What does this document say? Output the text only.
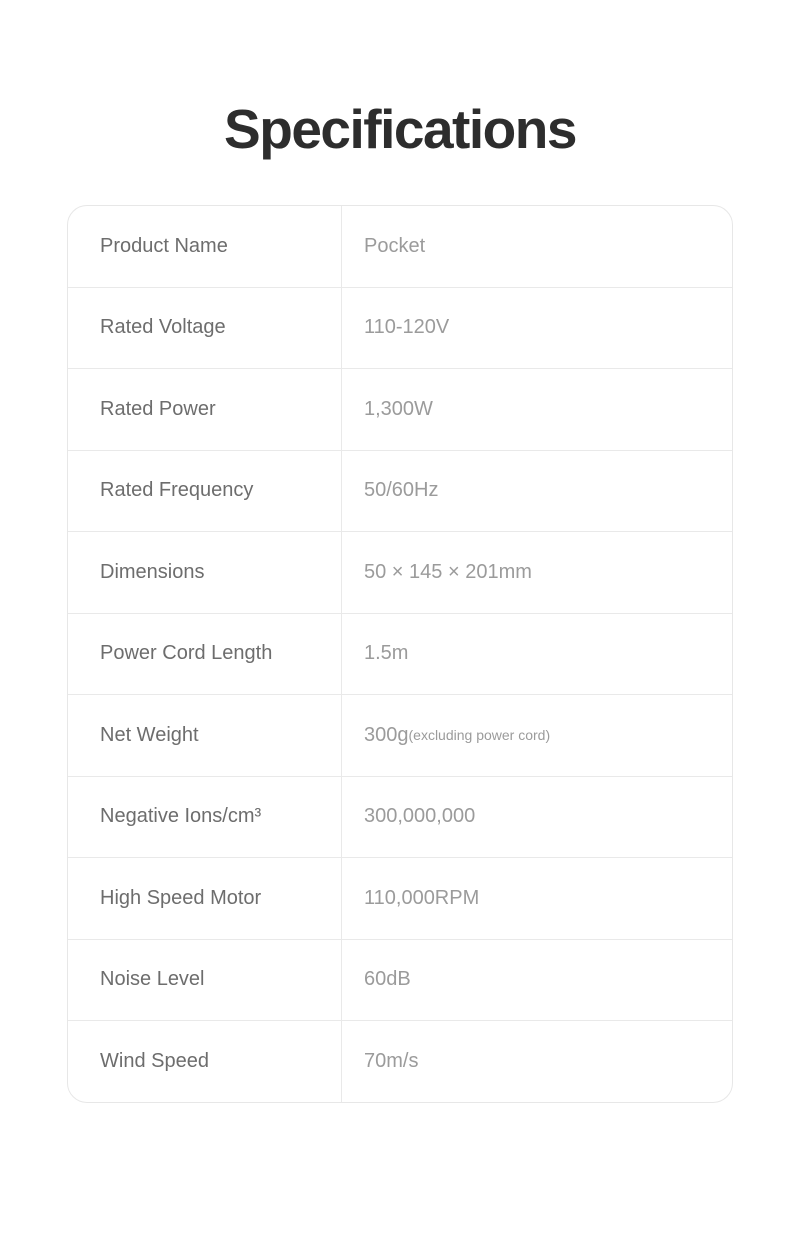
Specifications
Product Name	Pocket
Rated Voltage	110-120V
Rated Power	1,300W
Rated Frequency	50/60Hz
Dimensions	50 × 145 × 201mm
Power Cord Length	1.5m
Net Weight	300g (excluding power cord)
Negative Ions/cm³	300,000,000
High Speed Motor	110,000RPM
Noise Level	60dB
Wind Speed	70m/s
